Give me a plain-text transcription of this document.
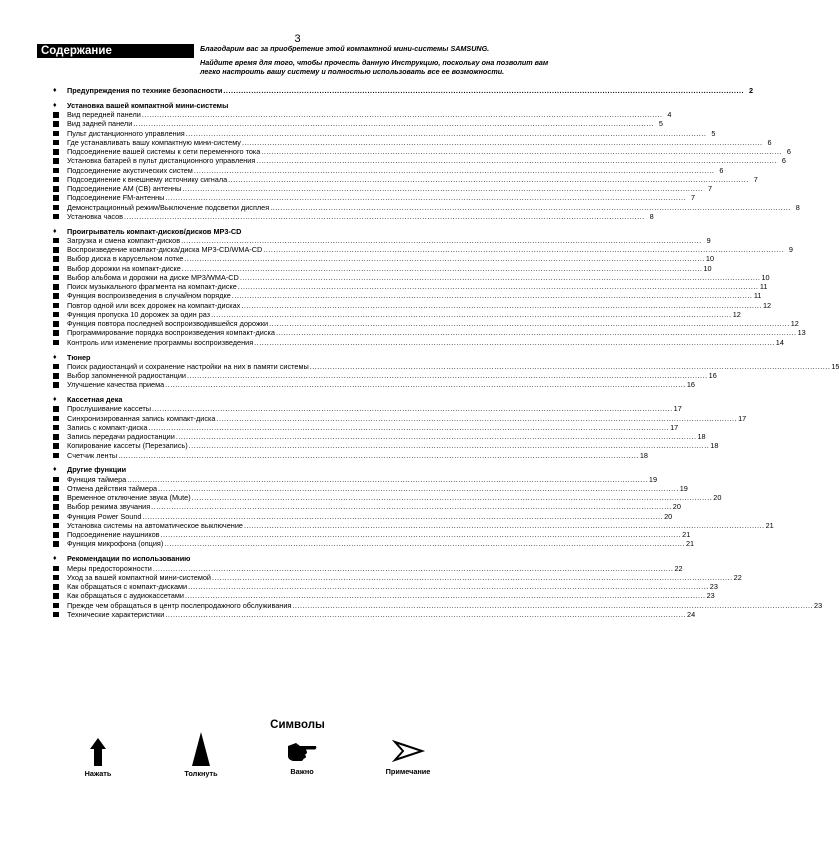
3
Содержание	Благодарим вас за приобретение этой компактной мини-системы SAMSUNG.
Найдите время для того, чтобы прочесть данную Инструкцию, поскольку она позволит вам легко настроить вашу систему и полностью использовать все ее возможности.
♦	Предупреждения по технике безопасности .............................................................................................................................................................................................................. 2
♦	Установка вашей компактной мини-системы
Вид передней панели .............................................................................................................................................................................................................. 4
Вид задней панели .............................................................................................................................................................................................................. 5
Пульт дистанционного управления .............................................................................................................................................................................................................. 5
Где устанавливать вашу компактную мини-систему .............................................................................................................................................................................................................. 6
Подсоединение вашей системы к сети переменного тока .............................................................................................................................................................................................................. 6
Установка батарей в пульт дистанционного управления .............................................................................................................................................................................................................. 6
Подсоединение акустических систем .............................................................................................................................................................................................................. 6
Подсоединение к внешнему источнику сигнала .............................................................................................................................................................................................................. 7
Подсоединение АМ (СВ) антенны .............................................................................................................................................................................................................. 7
Подсоединение FM-антенны .............................................................................................................................................................................................................. 7
Демонстрационный режим/Выключение подсветки дисплея .............................................................................................................................................................................................................. 8
Установка часов .............................................................................................................................................................................................................. 8
♦	Проигрыватель компакт-дисков/дисков MP3-CD
Загрузка и смена компакт-дисков .............................................................................................................................................................................................................. 9
Воспроизведение компакт-диска/диска MP3-CD/WMA-CD .............................................................................................................................................................................................................. 9
Выбор диска в карусельном лотке .............................................................................................................................................................................................................. 10
Выбор дорожки на компакт-диске .............................................................................................................................................................................................................. 10
Выбор альбома и дорожки на диске MP3/WMA-CD .............................................................................................................................................................................................................. 10
Поиск музыкального фрагмента на компакт-диске .............................................................................................................................................................................................................. 11
Функция воспроизведения в случайном порядке .............................................................................................................................................................................................................. 11
Повтор одной или всех дорожек на компакт-дисках .............................................................................................................................................................................................................. 12
Функция пропуска 10 дорожек за один раз .............................................................................................................................................................................................................. 12
Функция повтора последней воспроизводившейся дорожки .............................................................................................................................................................................................................. 12
Программирование порядка воспроизведения компакт-диска .............................................................................................................................................................................................................. 13
Контроль или изменение программы воспроизведения .............................................................................................................................................................................................................. 14
♦	Тюнер
Поиск радиостанций и сохранение настройки на них в памяти системы .............................................................................................................................................................................................................. 15
Выбор запомненной радиостанции .............................................................................................................................................................................................................. 16
Улучшение качества приема .............................................................................................................................................................................................................. 16
♦	Кассетная дека
Прослушивание кассеты .............................................................................................................................................................................................................. 17
Синхронизированная запись компакт-диска .............................................................................................................................................................................................................. 17
Запись с компакт-диска .............................................................................................................................................................................................................. 17
Запись передачи радиостанции .............................................................................................................................................................................................................. 18
Копирование кассеты (Перезапись) .............................................................................................................................................................................................................. 18
Счетчик ленты .............................................................................................................................................................................................................. 18
♦	Другие функции
Функция таймера .............................................................................................................................................................................................................. 19
Отмена действия таймера .............................................................................................................................................................................................................. 19
Временное отключение звука (Mute) .............................................................................................................................................................................................................. 20
Выбор режима звучания .............................................................................................................................................................................................................. 20
Функция Power Sound .............................................................................................................................................................................................................. 20
Установка системы на автоматическое выключение .............................................................................................................................................................................................................. 21
Подсоединение наушников .............................................................................................................................................................................................................. 21
Функция микрофона (опция) .............................................................................................................................................................................................................. 21
♦	Рекомендации по использованию
Меры предосторожности .............................................................................................................................................................................................................. 22
Уход за вашей компактной мини-системой .............................................................................................................................................................................................................. 22
Как обращаться с компакт-дисками .............................................................................................................................................................................................................. 23
Как обращаться с аудиокассетами .............................................................................................................................................................................................................. 23
Прежде чем обращаться в центр послепродажного обслуживания .............................................................................................................................................................................................................. 23
Технические характеристики .............................................................................................................................................................................................................. 24
Символы
Нажать	Толкнуть	Важно	Примечание
